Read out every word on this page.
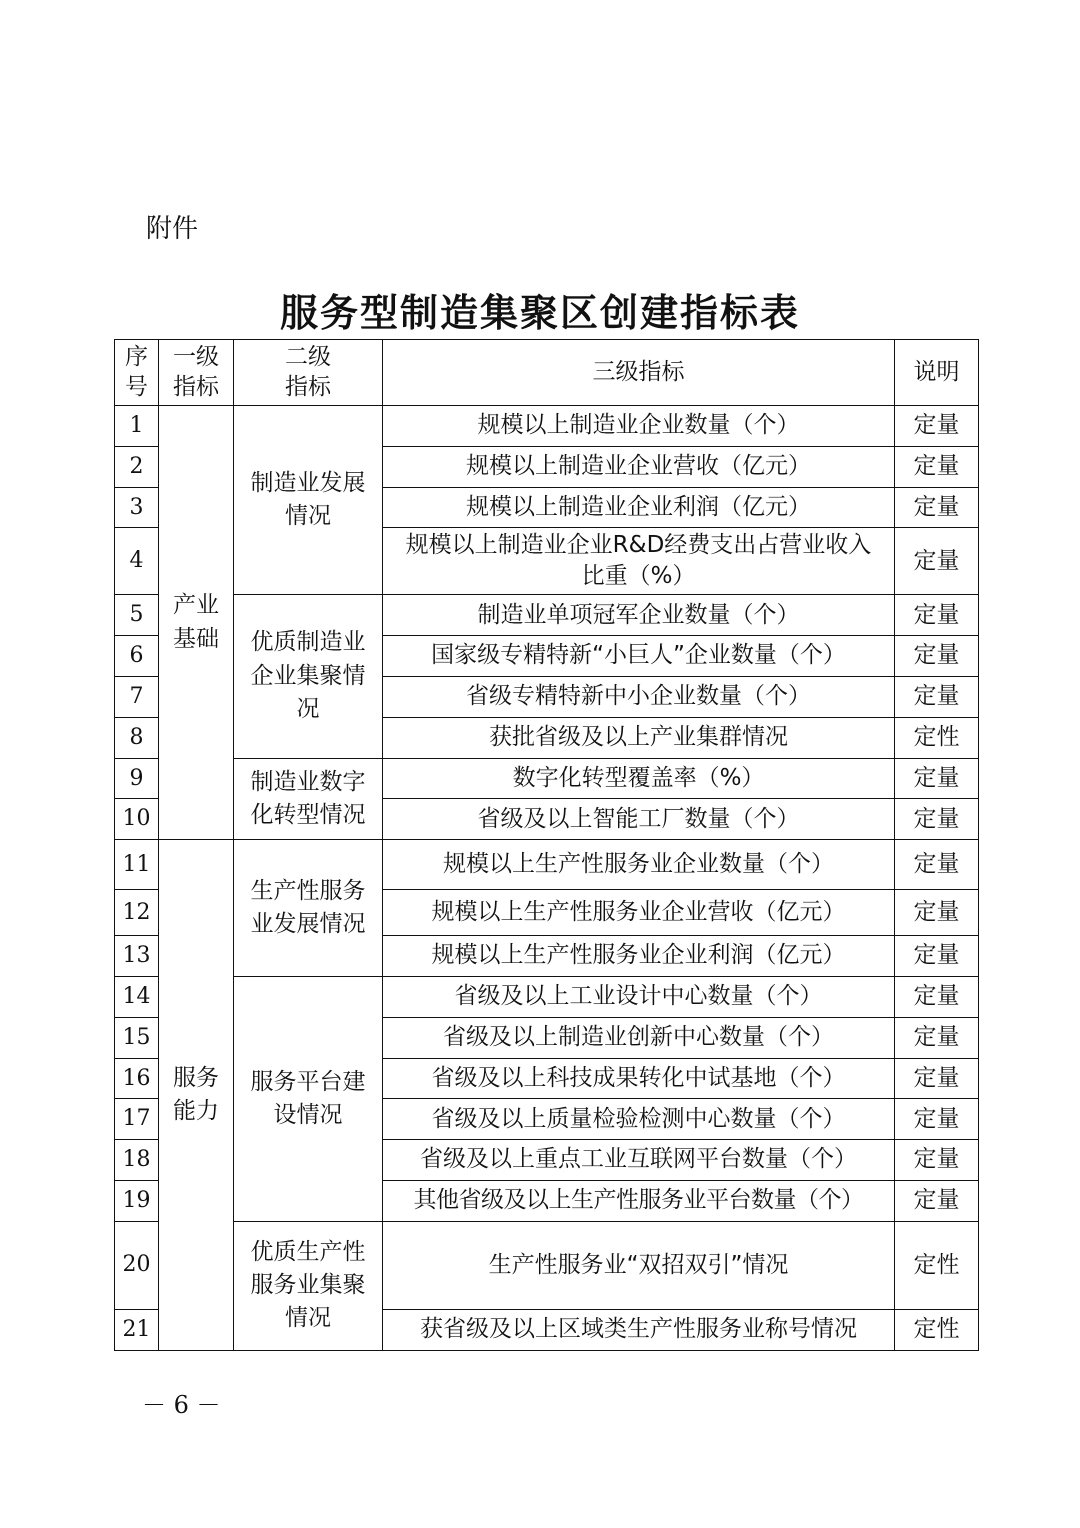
附件
服务型制造集聚区创建指标表
序号	一级指标	二级指标	三级指标	说明
1	产业基础	制造业发展情况	规模以上制造业企业数量（个）	定量
2			规模以上制造业企业营收（亿元）	定量
3			规模以上制造业企业利润（亿元）	定量
4			规模以上制造业企业R&D经费支出占营业收入比重（%）	定量
5		优质制造业企业集聚情况	制造业单项冠军企业数量（个）	定量
6			国家级专精特新“小巨人”企业数量（个）	定量
7			省级专精特新中小企业数量（个）	定量
8			获批省级及以上产业集群情况	定性
9		制造业数字化转型情况	数字化转型覆盖率（%）	定量
10			省级及以上智能工厂数量（个）	定量
11	服务能力	生产性服务业发展情况	规模以上生产性服务业企业数量（个）	定量
12			规模以上生产性服务业企业营收（亿元）	定量
13			规模以上生产性服务业企业利润（亿元）	定量
14		服务平台建设情况	省级及以上工业设计中心数量（个）	定量
15			省级及以上制造业创新中心数量（个）	定量
16			省级及以上科技成果转化中试基地（个）	定量
17			省级及以上质量检验检测中心数量（个）	定量
18			省级及以上重点工业互联网平台数量（个）	定量
19			其他省级及以上生产性服务业平台数量（个）	定量
20		优质生产性服务业集聚情况	生产性服务业“双招双引”情况	定性
21			获省级及以上区域类生产性服务业称号情况	定性
－ 6 －
